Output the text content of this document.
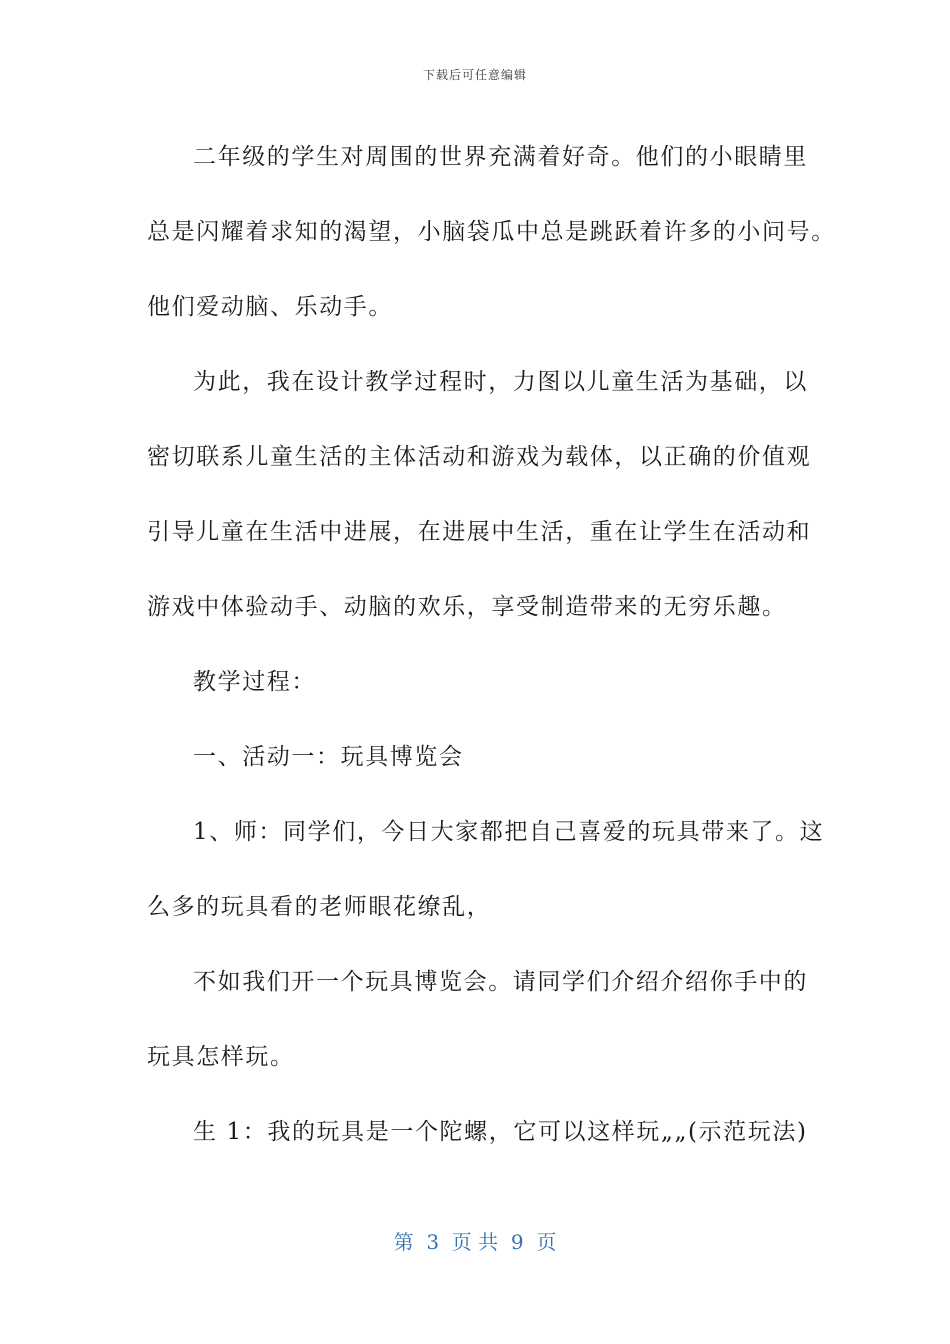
下载后可任意编辑
二年级的学生对周围的世界充满着好奇。他们的小眼睛里
总是闪耀着求知的渴望，小脑袋瓜中总是跳跃着许多的小问号。
他们爱动脑、乐动手。
为此，我在设计教学过程时，力图以儿童生活为基础，以
密切联系儿童生活的主体活动和游戏为载体，以正确的价值观
引导儿童在生活中进展，在进展中生活，重在让学生在活动和
游戏中体验动手、动脑的欢乐，享受制造带来的无穷乐趣。
教学过程：
一、活动一：玩具博览会
1、师：同学们，今日大家都把自己喜爱的玩具带来了。这
么多的玩具看的老师眼花缭乱，
不如我们开一个玩具博览会。请同学们介绍介绍你手中的
玩具怎样玩。
生 1：我的玩具是一个陀螺，它可以这样玩„„(示范玩法)
第  3  页 共  9  页
